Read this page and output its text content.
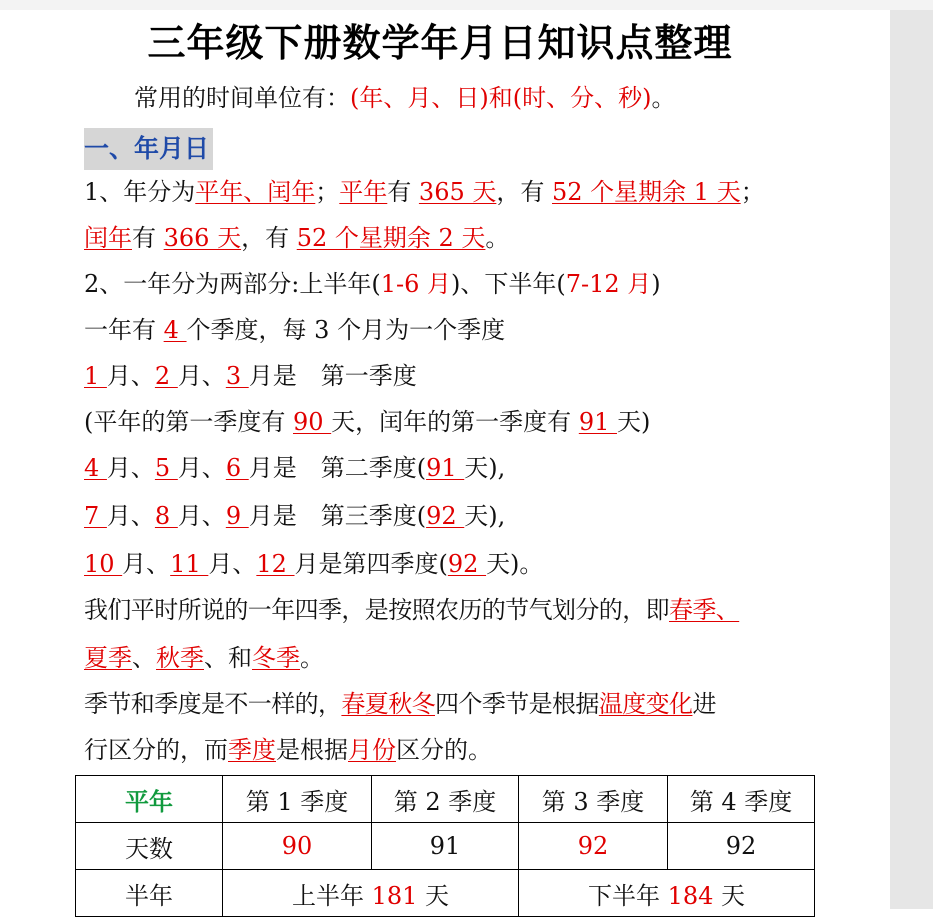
三年级下册数学年月日知识点整理
常用的时间单位有：(年、月、日)和(时、分、秒)。
一、年月日
1、年分为平年、闰年；平年有 365 天，有 52 个星期余 1 天；
闰年有 366 天，有 52 个星期余 2 天。
2、一年分为两部分:上半年(1-6 月)、下半年(7-12 月)
一年有 4 个季度，每 3 个月为一个季度
1 月、2 月、3 月是　第一季度
(平年的第一季度有 90 天，闰年的第一季度有 91 天)
4 月、5 月、6 月是　第二季度(91 天),
7 月、8 月、9 月是　第三季度(92 天),
10 月、11 月、12 月是第四季度(92 天)。
我们平时所说的一年四季，是按照农历的节气划分的，即春季、
夏季、秋季、和冬季。
季节和季度是不一样的，春夏秋冬四个季节是根据温度变化进
行区分的，而季度是根据月份区分的。
平年	第 1 季度	第 2 季度	第 3 季度	第 4 季度
天数	90	91	92	92
半年	上半年 181 天		下半年 184 天	
